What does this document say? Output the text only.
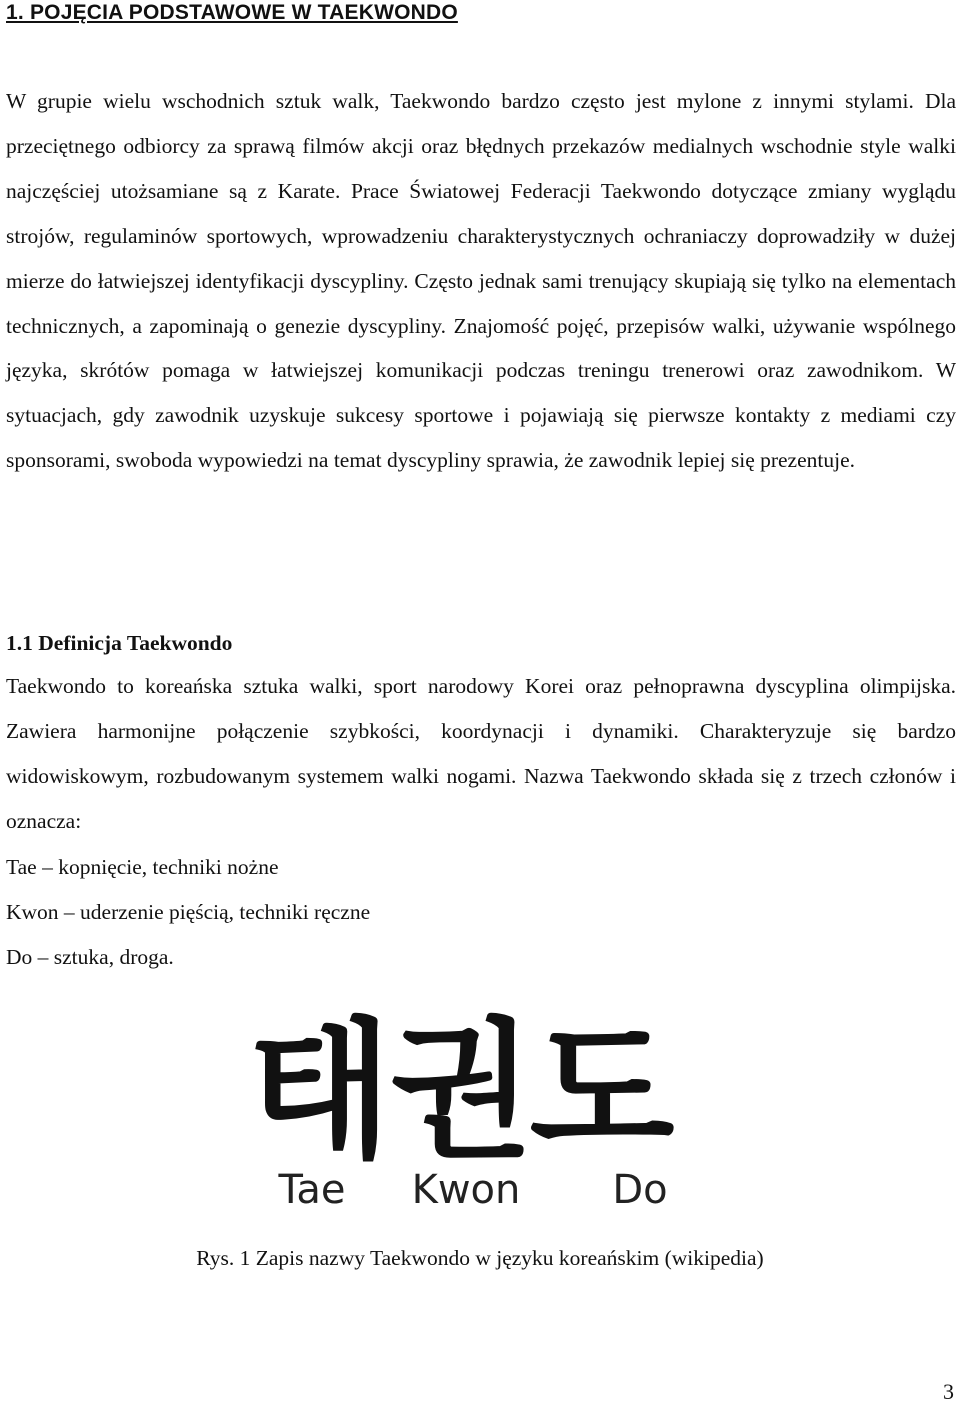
1. POJĘCIA PODSTAWOWE W TAEKWONDO

W grupie wielu wschodnich sztuk walk, Taekwondo bardzo często jest mylone z innymi stylami. Dla przeciętnego odbiorcy za sprawą filmów akcji oraz błędnych przekazów medialnych wschodnie style walki najczęściej utożsamiane są z Karate. Prace Światowej Federacji Taekwondo dotyczące zmiany wyglądu strojów, regulaminów sportowych, wprowadzeniu charakterystycznych ochraniaczy doprowadziły w dużej mierze do łatwiejszej identyfikacji dyscypliny. Często jednak sami trenujący skupiają się tylko na elementach technicznych, a zapominają o genezie dyscypliny. Znajomość pojęć, przepisów walki, używanie wspólnego języka, skrótów pomaga w łatwiejszej komunikacji podczas treningu trenerowi oraz zawodnikom. W sytuacjach, gdy zawodnik uzyskuje sukcesy sportowe i pojawiają się pierwsze kontakty z mediami czy sponsorami, swoboda wypowiedzi na temat dyscypliny sprawia, że zawodnik lepiej się prezentuje.

1.1 Definicja Taekwondo

Taekwondo to koreańska sztuka walki, sport narodowy Korei oraz pełnoprawna dyscyplina olimpijska. Zawiera harmonijne połączenie szybkości, koordynacji i dynamiki. Charakteryzuje się bardzo widowiskowym, rozbudowanym systemem walki nogami. Nazwa Taekwondo składa się z trzech członów i oznacza:

Tae – kopnięcie, techniki nożne

Kwon – uderzenie pięścią, techniki ręczne

Do – sztuka, droga.

태
권
도
Tae Kwon Do

Rys. 1 Zapis nazwy Taekwondo w języku koreańskim (wikipedia)

3
